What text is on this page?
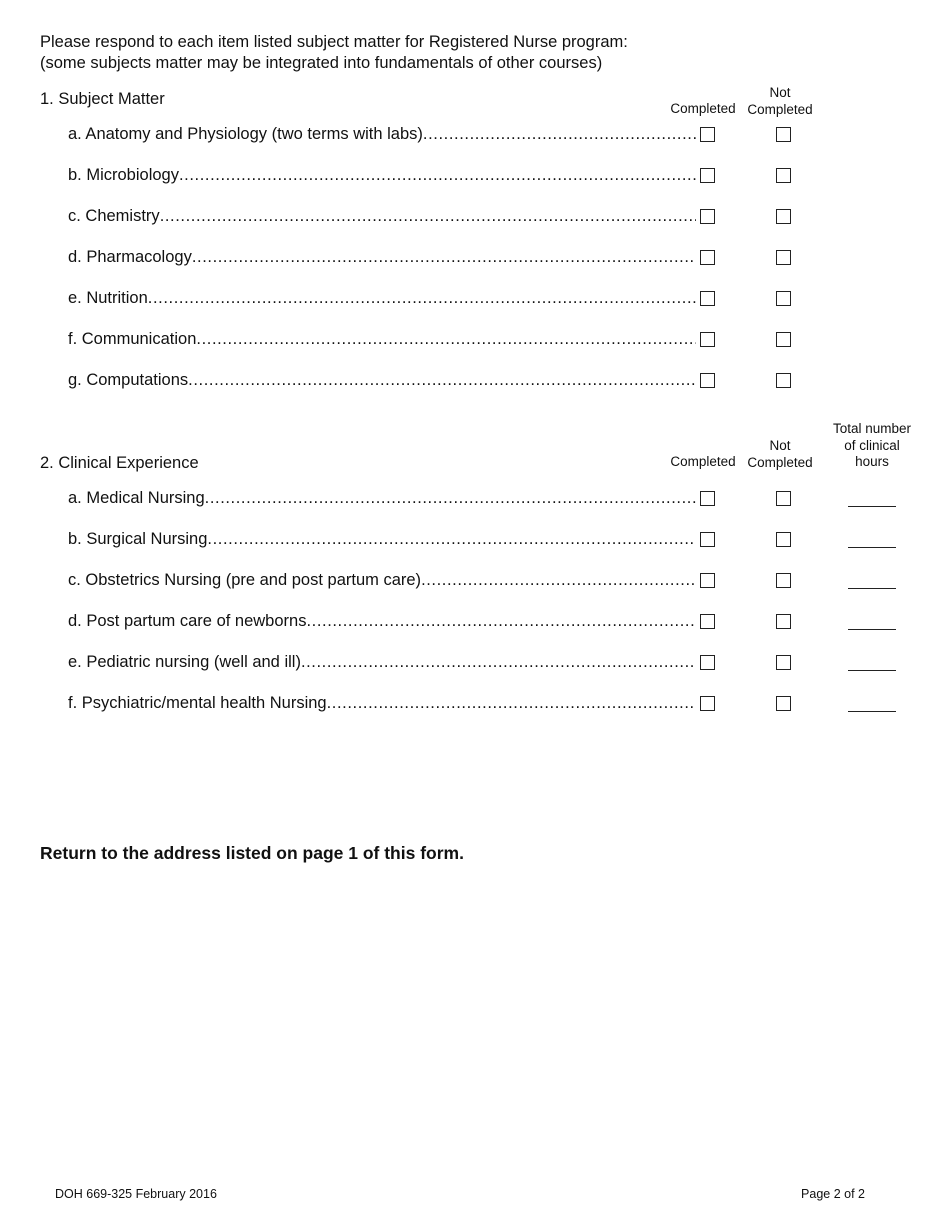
Please respond to each item listed subject matter for Registered Nurse program:
(some subjects matter may be integrated into fundamentals of other courses)
1. Subject Matter
Completed
Not
Completed
a. Anatomy and Physiology (two terms with labs)
.....
b. Microbiology
.....
c. Chemistry
.....
d. Pharmacology
.....
e. Nutrition
.....
f. Communication
.....
g. Computations
.....
2. Clinical Experience	Completed
Not
Completed
Total number
of clinical
hours
a. Medical Nursing
.....
b. Surgical Nursing
.....
c. Obstetrics Nursing (pre and post partum care)
.....
d. Post partum care of newborns
.....
e. Pediatric nursing (well and ill)
.....
f. Psychiatric/mental health Nursing
.....
Return to the address listed on page 1 of this form.
DOH 669-325 February 2016	Page 2 of 2
